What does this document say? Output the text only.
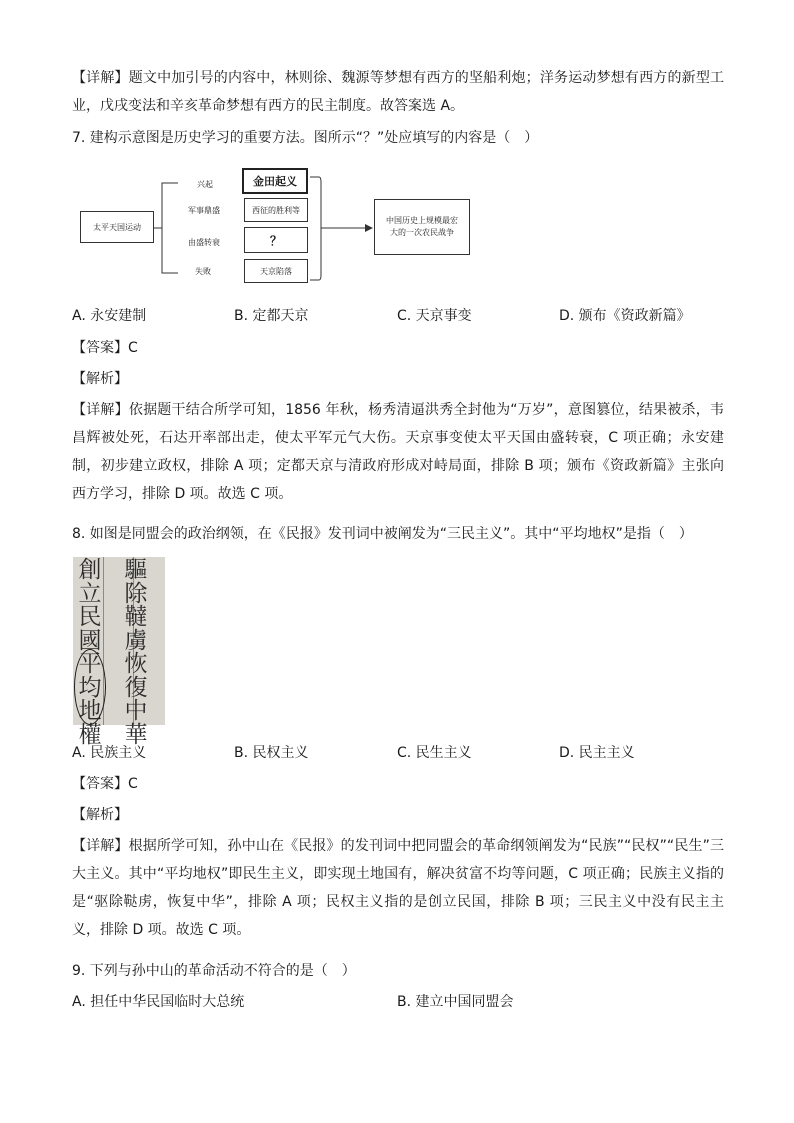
【详解】题文中加引号的内容中，林则徐、魏源等梦想有西方的坚船利炮；洋务运动梦想有西方的新型工业，戊戌变法和辛亥革命梦想有西方的民主制度。故答案选 A。
7. 建构示意图是历史学习的重要方法。图所示“？”处应填写的内容是（　）
太平天国运动
兴起
军事鼎盛
由盛转衰
失败
金田起义
西征的胜利等
？
天京陷落
中国历史上规模最宏大的一次农民战争
A. 永安建制	B. 定都天京	C. 天京事变	D. 颁布《资政新篇》
【答案】C
【解析】
【详解】依据题干结合所学可知，1856 年秋，杨秀清逼洪秀全封他为“万岁”，意图篡位，结果被杀，韦昌辉被处死，石达开率部出走，使太平军元气大伤。天京事变使太平天国由盛转衰，C 项正确；永安建制，初步建立政权，排除 A 项；定都天京与清政府形成对峙局面，排除 B 项；颁布《资政新篇》主张向西方学习，排除 D 项。故选 C 项。
8. 如图是同盟会的政治纲领，在《民报》发刊词中被阐发为“三民主义”。其中“平均地权”是指（　）
創
立
民
國
平
均
地
權
驅
除
韃
虜
恢
復
中
華
A. 民族主义	B. 民权主义	C. 民生主义	D. 民主主义
【答案】C
【解析】
【详解】根据所学可知，孙中山在《民报》的发刊词中把同盟会的革命纲领阐发为“民族”“民权”“民生”三大主义。其中“平均地权”即民生主义，即实现土地国有，解决贫富不均等问题，C 项正确；民族主义指的是“驱除鞑虏，恢复中华”，排除 A 项；民权主义指的是创立民国，排除 B 项；三民主义中没有民主主义，排除 D 项。故选 C 项。
9. 下列与孙中山的革命活动不符合的是（　）
A. 担任中华民国临时大总统	B. 建立中国同盟会
